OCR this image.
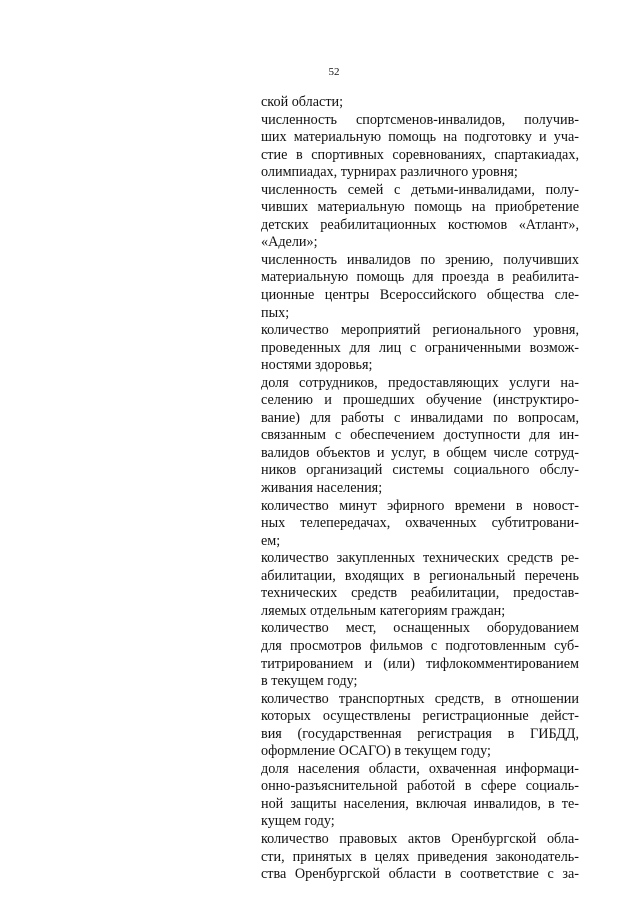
52
ской области;
численность спортсменов-инвалидов, получив-
ших материальную помощь на подготовку и уча-
стие в спортивных соревнованиях, спартакиадах,
олимпиадах, турнирах различного уровня;
численность семей с детьми-инвалидами, полу-
чивших материальную помощь на приобретение
детских реабилитационных костюмов «Атлант»,
«Адели»;
численность инвалидов по зрению, получивших
материальную помощь для проезда в реабилита-
ционные центры Всероссийского общества сле-
пых;
количество мероприятий регионального уровня,
проведенных для лиц с ограниченными возмож-
ностями здоровья;
доля сотрудников, предоставляющих услуги на-
селению и прошедших обучение (инструктиро-
вание) для работы с инвалидами по вопросам,
связанным с обеспечением доступности для ин-
валидов объектов и услуг, в общем числе сотруд-
ников организаций системы социального обслу-
живания населения;
количество минут эфирного времени в новост-
ных телепередачах, охваченных субтитровани-
ем;
количество закупленных технических средств ре-
абилитации, входящих в региональный перечень
технических средств реабилитации, предостав-
ляемых отдельным категориям граждан;
количество мест, оснащенных оборудованием
для просмотров фильмов с подготовленным суб-
титрированием и (или) тифлокомментированием
в текущем году;
количество транспортных средств, в отношении
которых осуществлены регистрационные дейст-
вия (государственная регистрация в ГИБДД,
оформление ОСАГО) в текущем году;
доля населения области, охваченная информаци-
онно-разъяснительной работой в сфере социаль-
ной защиты населения, включая инвалидов, в те-
кущем году;
количество правовых актов Оренбургской обла-
сти, принятых в целях приведения законодатель-
ства Оренбургской области в соответствие с за-
